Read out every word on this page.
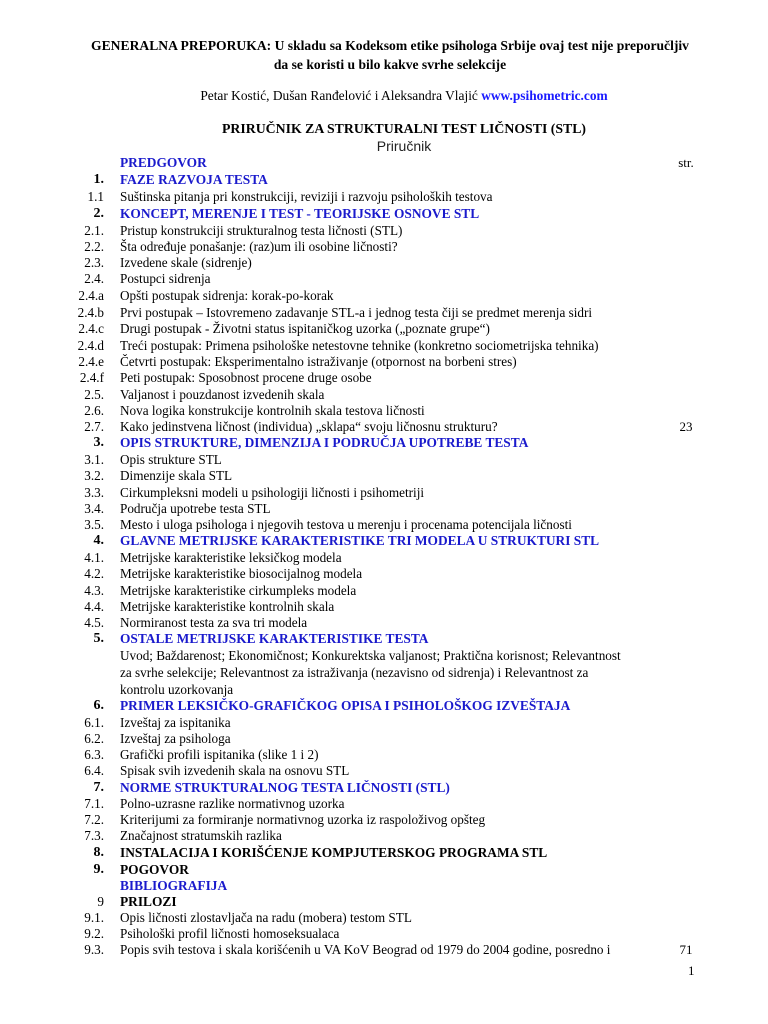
GENERALNA PREPORUKA: U skladu sa Kodeksom etike psihologa Srbije ovaj test nije preporučljiv
da se koristi u bilo kakve svrhe selekcije
Petar Kostić, Dušan Ranđelović i Aleksandra Vlajić www.psihometric.com
PRIRUČNIK ZA STRUKTURALNI TEST LIČNOSTI (STL)
Priručnik
PREDGOVOR	str.
1. FAZE RAZVOJA TESTA
1.1 Suštinska pitanja pri konstrukciji, reviziji i razvoju psiholoških testova
2. KONCEPT, MERENJE I TEST - TEORIJSKE OSNOVE STL
2.1. Pristup konstrukciji strukturalnog testa ličnosti (STL)
2.2. Šta određuje ponašanje: (raz)um ili osobine ličnosti?
2.3. Izvedene skale (sidrenje)
2.4. Postupci sidrenja
2.4.a Opšti postupak sidrenja: korak-po-korak
2.4.b Prvi postupak – Istovremeno zadavanje STL-a i jednog testa čiji se predmet merenja sidri
2.4.c Drugi postupak - Životni status ispitaničkog uzorka („poznate grupe“)
2.4.d Treći postupak: Primena psihološke netestovne tehnike (konkretno sociometrijska tehnika)
2.4.e Četvrti postupak: Eksperimentalno istraživanje (otpornost na borbeni stres)
2.4.f Peti postupak: Sposobnost procene druge osobe
2.5. Valjanost i pouzdanost izvedenih skala
2.6. Nova logika konstrukcije kontrolnih skala testova ličnosti
2.7. Kako jedinstvena ličnost (individua) „sklapa“ svoju ličnosnu strukturu?	23
3. OPIS STRUKTURE, DIMENZIJA I PODRUČJA UPOTREBE TESTA
3.1. Opis strukture STL
3.2. Dimenzije skala STL
3.3. Cirkumpleksni modeli u psihologiji ličnosti i psihometriji
3.4. Područja upotrebe testa STL
3.5. Mesto i uloga psihologa i njegovih testova u merenju i procenama potencijala ličnosti
4. GLAVNE METRIJSKE KARAKTERISTIKE TRI MODELA U STRUKTURI STL
4.1. Metrijske karakteristike leksičkog modela
4.2. Metrijske karakteristike biosocijalnog modela
4.3. Metrijske karakteristike cirkumpleks modela
4.4. Metrijske karakteristike kontrolnih skala
4.5. Normiranost testa za sva tri modela
5. OSTALE METRIJSKE KARAKTERISTIKE TESTA
Uvod; Baždarenost; Ekonomičnost; Konkurektska valjanost; Praktična korisnost; Relevantnost
za svrhe selekcije; Relevantnost za istraživanja (nezavisno od sidrenja) i Relevantnost za
kontrolu uzorkovanja
6. PRIMER LEKSIČKO-GRAFIČKOG OPISA I PSIHOLOŠKOG IZVEŠTAJA
6.1. Izveštaj za ispitanika
6.2. Izveštaj za psihologa
6.3. Grafički profili ispitanika (slike 1 i 2)
6.4. Spisak svih izvedenih skala na osnovu STL
7. NORME STRUKTURALNOG TESTA LIČNOSTI (STL)
7.1. Polno-uzrasne razlike normativnog uzorka
7.2. Kriterijumi za formiranje normativnog uzorka iz raspoloživog opšteg
7.3. Značajnost stratumskih razlika
8. INSTALACIJA I KORIŠĆENJE KOMPJUTERSKOG PROGRAMA STL
9. POGOVOR
BIBLIOGRAFIJA
9 PRILOZI
9.1. Opis ličnosti zlostavljača na radu (mobera) testom STL
9.2. Psihološki profil ličnosti homoseksualaca
9.3. Popis svih testova i skala korišćenih u VA KoV Beograd od 1979 do 2004 godine, posredno i	71
1
